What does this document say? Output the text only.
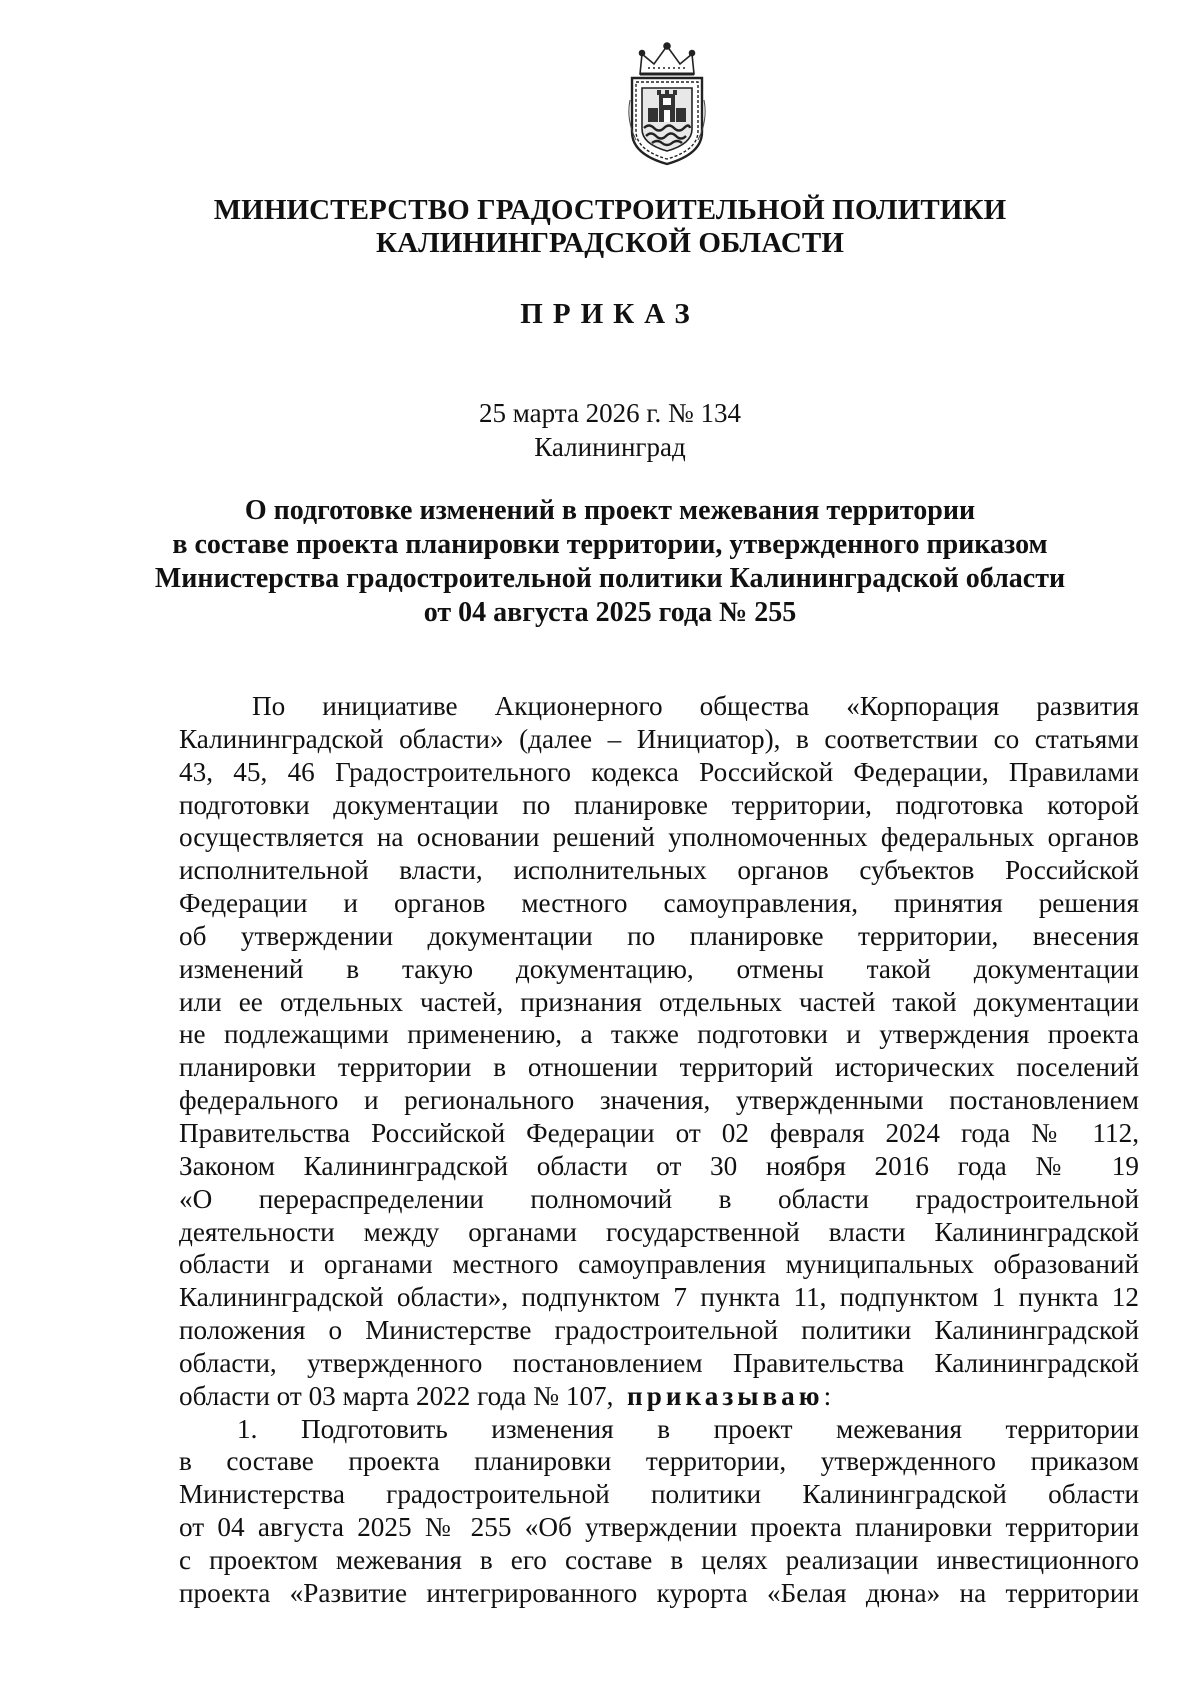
МИНИСТЕРСТВО ГРАДОСТРОИТЕЛЬНОЙ ПОЛИТИКИ
КАЛИНИНГРАДСКОЙ ОБЛАСТИ
ПРИКАЗ
25 марта 2026 г. № 134
Калининград
О подготовке изменений в проект межевания территории
в составе проекта планировки территории, утвержденного приказом
Министерства градостроительной политики Калининградской области
от 04 августа 2025 года № 255
По инициативе Акционерного общества «Корпорация развития
Калининградской области» (далее – Инициатор), в соответствии со статьями
43, 45, 46 Градостроительного кодекса Российской Федерации, Правилами
подготовки документации по планировке территории, подготовка которой
осуществляется на основании решений уполномоченных федеральных органов
исполнительной власти, исполнительных органов субъектов Российской
Федерации и органов местного самоуправления, принятия решения
об утверждении документации по планировке территории, внесения
изменений в такую документацию, отмены такой документации
или ее отдельных частей, признания отдельных частей такой документации
не подлежащими применению, а также подготовки и утверждения проекта
планировки территории в отношении территорий исторических поселений
федерального и регионального значения, утвержденными постановлением
Правительства Российской Федерации от 02 февраля 2024 года № 112,
Законом Калининградской области от 30 ноября 2016 года № 19
«О перераспределении полномочий в области градостроительной
деятельности между органами государственной власти Калининградской
области и органами местного самоуправления муниципальных образований
Калининградской области», подпунктом 7 пункта 11, подпунктом 1 пункта 12
положения о Министерстве градостроительной политики Калининградской
области, утвержденного постановлением Правительства Калининградской
области от 03 марта 2022 года № 107, приказываю:
1. Подготовить изменения в проект межевания территории
в составе проекта планировки территории, утвержденного приказом
Министерства градостроительной политики Калининградской области
от 04 августа 2025 № 255 «Об утверждении проекта планировки территории
с проектом межевания в его составе в целях реализации инвестиционного
проекта «Развитие интегрированного курорта «Белая дюна» на территории
